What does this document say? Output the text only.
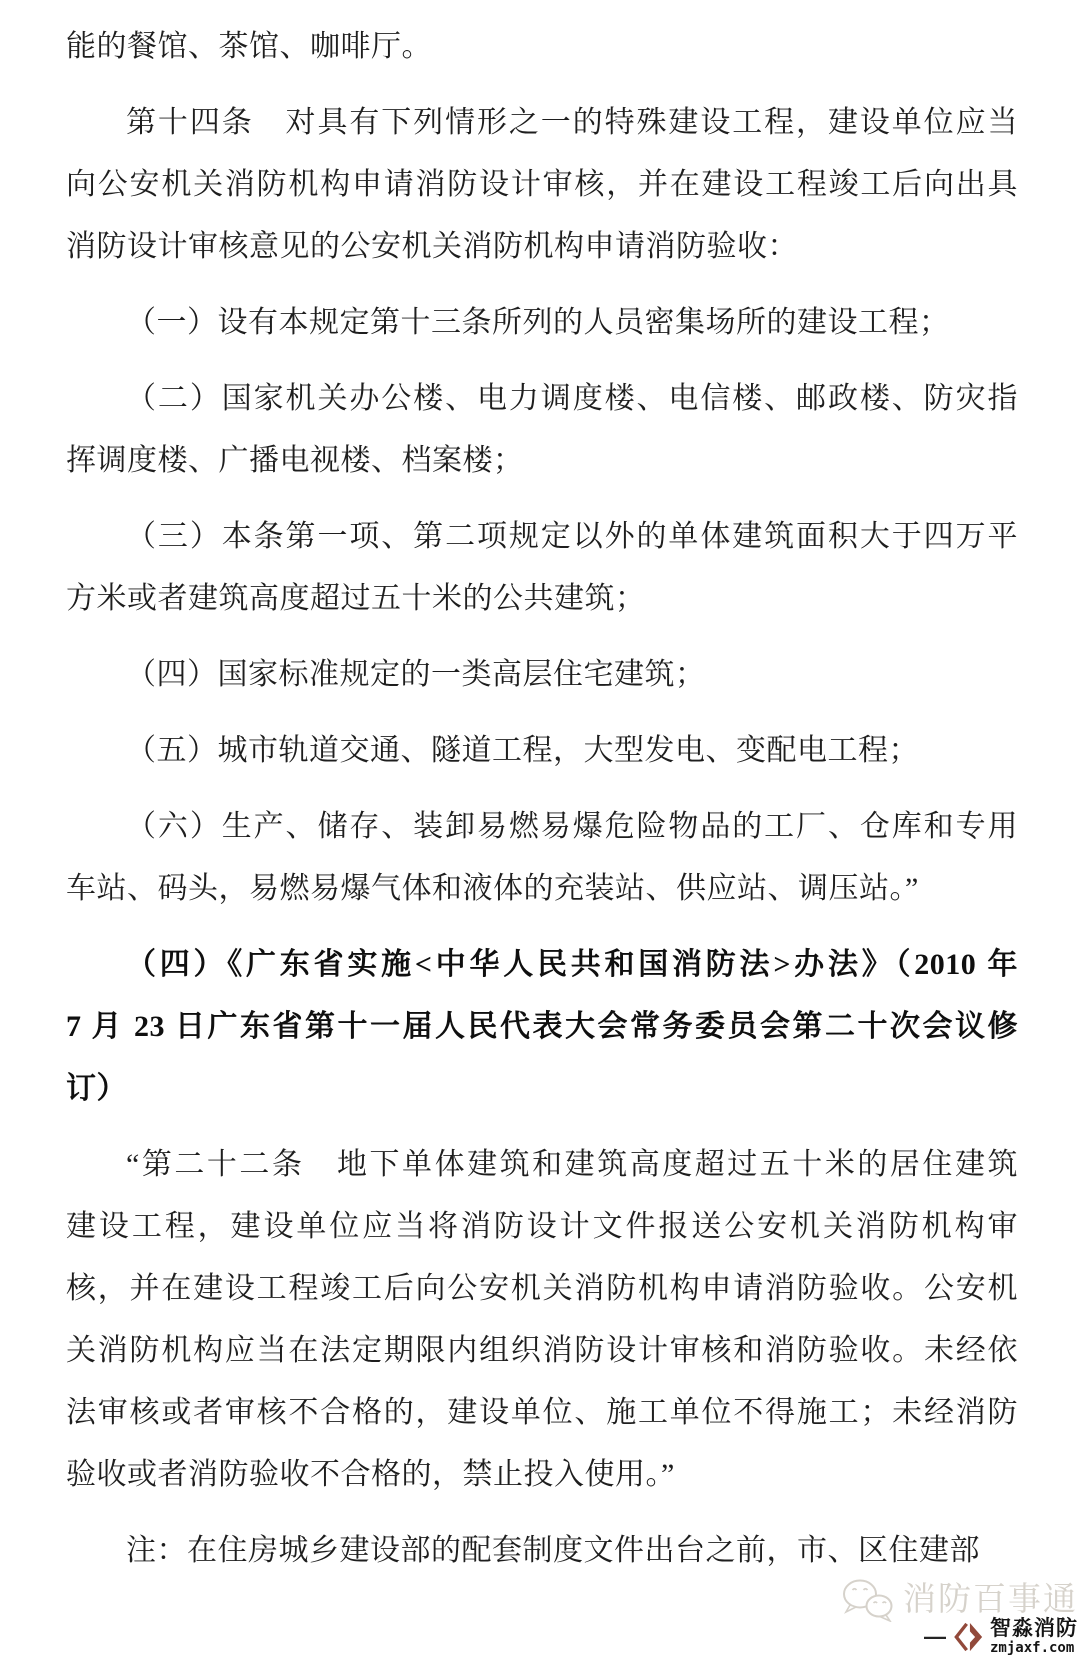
能的餐馆、茶馆、咖啡厅。
第十四条　对具有下列情形之一的特殊建设工程，建设单位应当
向公安机关消防机构申请消防设计审核，并在建设工程竣工后向出具
消防设计审核意见的公安机关消防机构申请消防验收：
（一）设有本规定第十三条所列的人员密集场所的建设工程；
（二）国家机关办公楼、电力调度楼、电信楼、邮政楼、防灾指
挥调度楼、广播电视楼、档案楼；
（三）本条第一项、第二项规定以外的单体建筑面积大于四万平
方米或者建筑高度超过五十米的公共建筑；
（四）国家标准规定的一类高层住宅建筑；
（五）城市轨道交通、隧道工程，大型发电、变配电工程；
（六）生产、储存、装卸易燃易爆危险物品的工厂、仓库和专用
车站、码头，易燃易爆气体和液体的充装站、供应站、调压站。”
（四）《广东省实施<中华人民共和国消防法>办法》（2010 年
7 月 23 日广东省第十一届人民代表大会常务委员会第二十次会议修
订）
“第二十二条　地下单体建筑和建筑高度超过五十米的居住建筑
建设工程，建设单位应当将消防设计文件报送公安机关消防机构审
核，并在建设工程竣工后向公安机关消防机构申请消防验收。公安机
关消防机构应当在法定期限内组织消防设计审核和消防验收。未经依
法审核或者审核不合格的，建设单位、施工单位不得施工；未经消防
验收或者消防验收不合格的，禁止投入使用。”
注：在住房城乡建设部的配套制度文件出台之前，市、区住建部
消防百事通
— 智淼消防
zmjaxf.com
